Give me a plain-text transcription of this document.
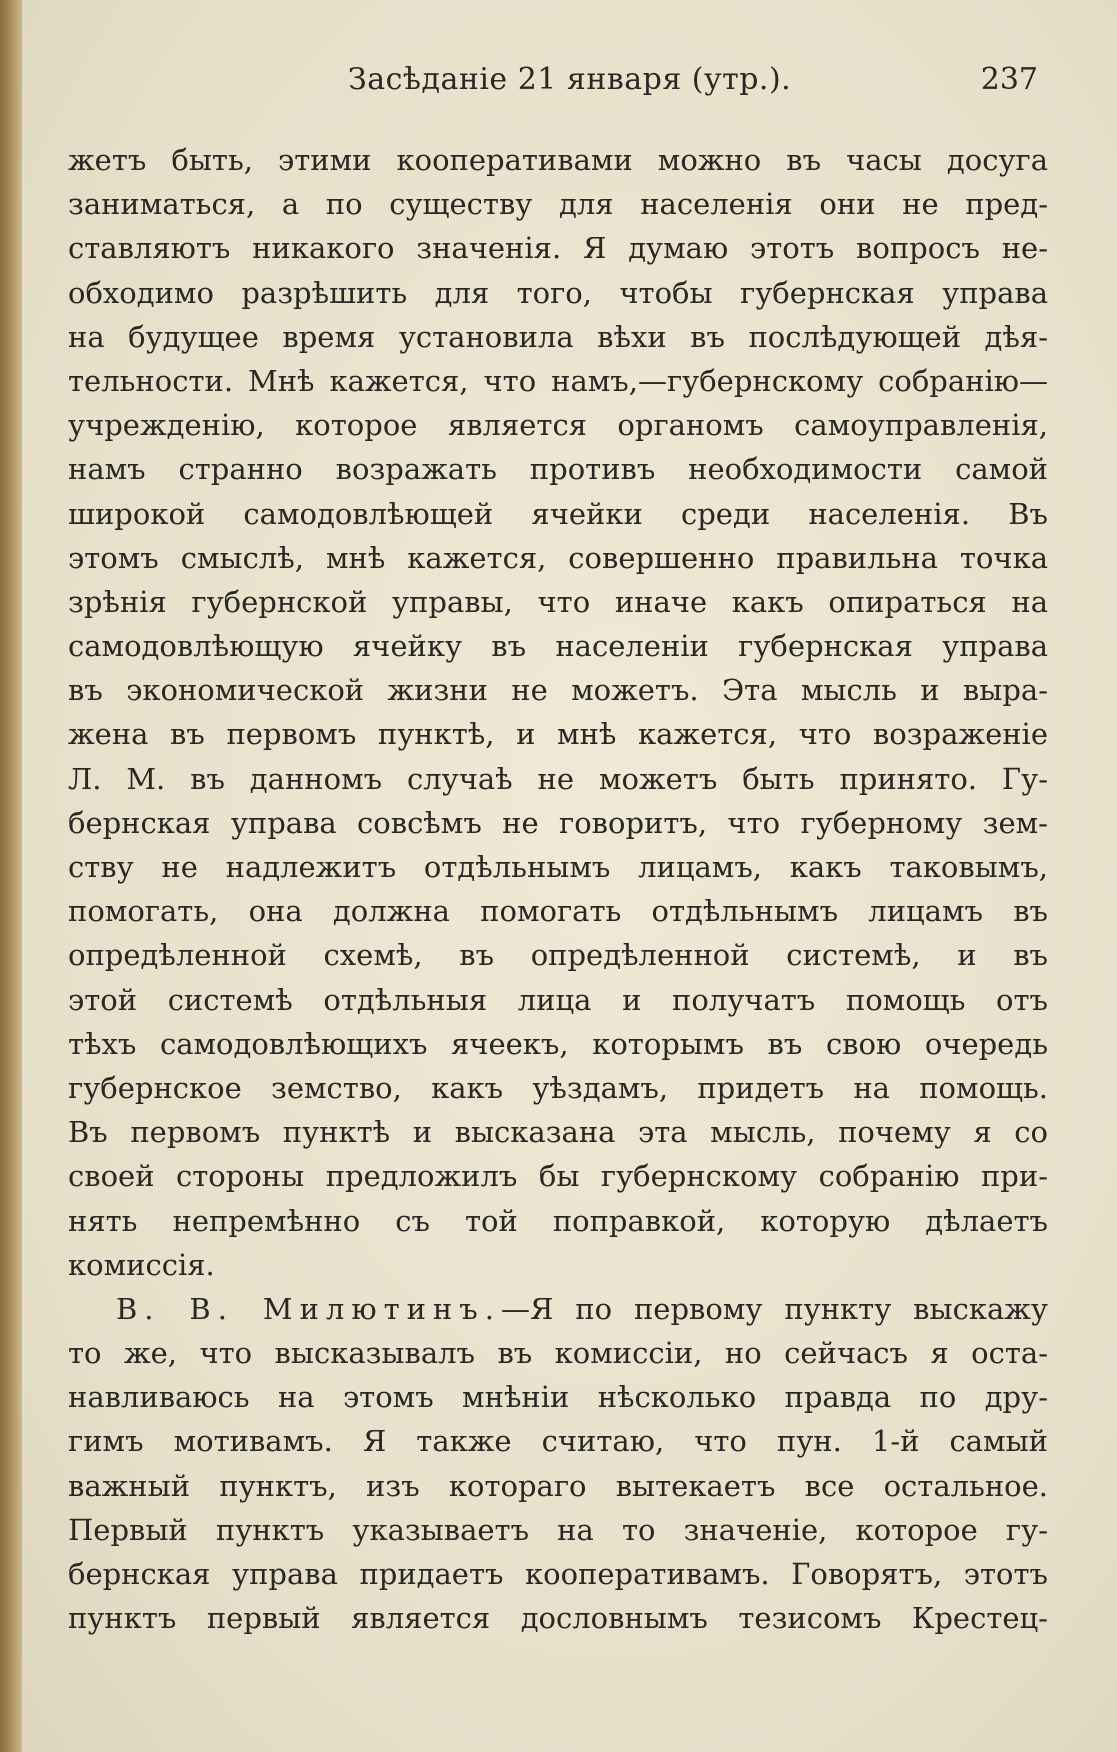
Засѣданіе 21 января (утр.).	237
жетъ быть, этими кооперативами можно въ часы досуга
заниматься, а по существу для населенія они не пред-
ставляютъ никакого значенія. Я думаю этотъ вопросъ не-
обходимо разрѣшить для того, чтобы губернская управа
на будущее время установила вѣхи въ послѣдующей дѣя-
тельности. Мнѣ кажется, что намъ,—губернскому собранію—
учрежденію, которое является органомъ самоуправленія,
намъ странно возражать противъ необходимости самой
широкой самодовлѣющей ячейки среди населенія. Въ
этомъ смыслѣ, мнѣ кажется, совершенно правильна точка
зрѣнія губернской управы, что иначе какъ опираться на
самодовлѣющую ячейку въ населеніи губернская управа
въ экономической жизни не можетъ. Эта мысль и выра-
жена въ первомъ пунктѣ, и мнѣ кажется, что возраженіе
Л. М. въ данномъ случаѣ не можетъ быть принято. Гу-
бернская управа совсѣмъ не говоритъ, что губерному зем-
ству не надлежитъ отдѣльнымъ лицамъ, какъ таковымъ,
помогать, она должна помогать отдѣльнымъ лицамъ въ
опредѣленной схемѣ, въ опредѣленной системѣ, и въ
этой системѣ отдѣльныя лица и получатъ помощь отъ
тѣхъ самодовлѣющихъ ячеекъ, которымъ въ свою очередь
губернское земство, какъ уѣздамъ, придетъ на помощь.
Въ первомъ пунктѣ и высказана эта мысль, почему я со
своей стороны предложилъ бы губернскому собранію при-
нять непремѣнно съ той поправкой, которую дѣлаетъ
комиссія.
В. В. Милютинъ.—Я по первому пункту выскажу
то же, что высказывалъ въ комиссіи, но сейчасъ я оста-
навливаюсь на этомъ мнѣніи нѣсколько правда по дру-
гимъ мотивамъ. Я также считаю, что пун. 1-й самый
важный пунктъ, изъ котораго вытекаетъ все остальное.
Первый пунктъ указываетъ на то значеніе, которое гу-
бернская управа придаетъ кооперативамъ. Говорятъ, этотъ
пунктъ первый является дословнымъ тезисомъ Крестец-
